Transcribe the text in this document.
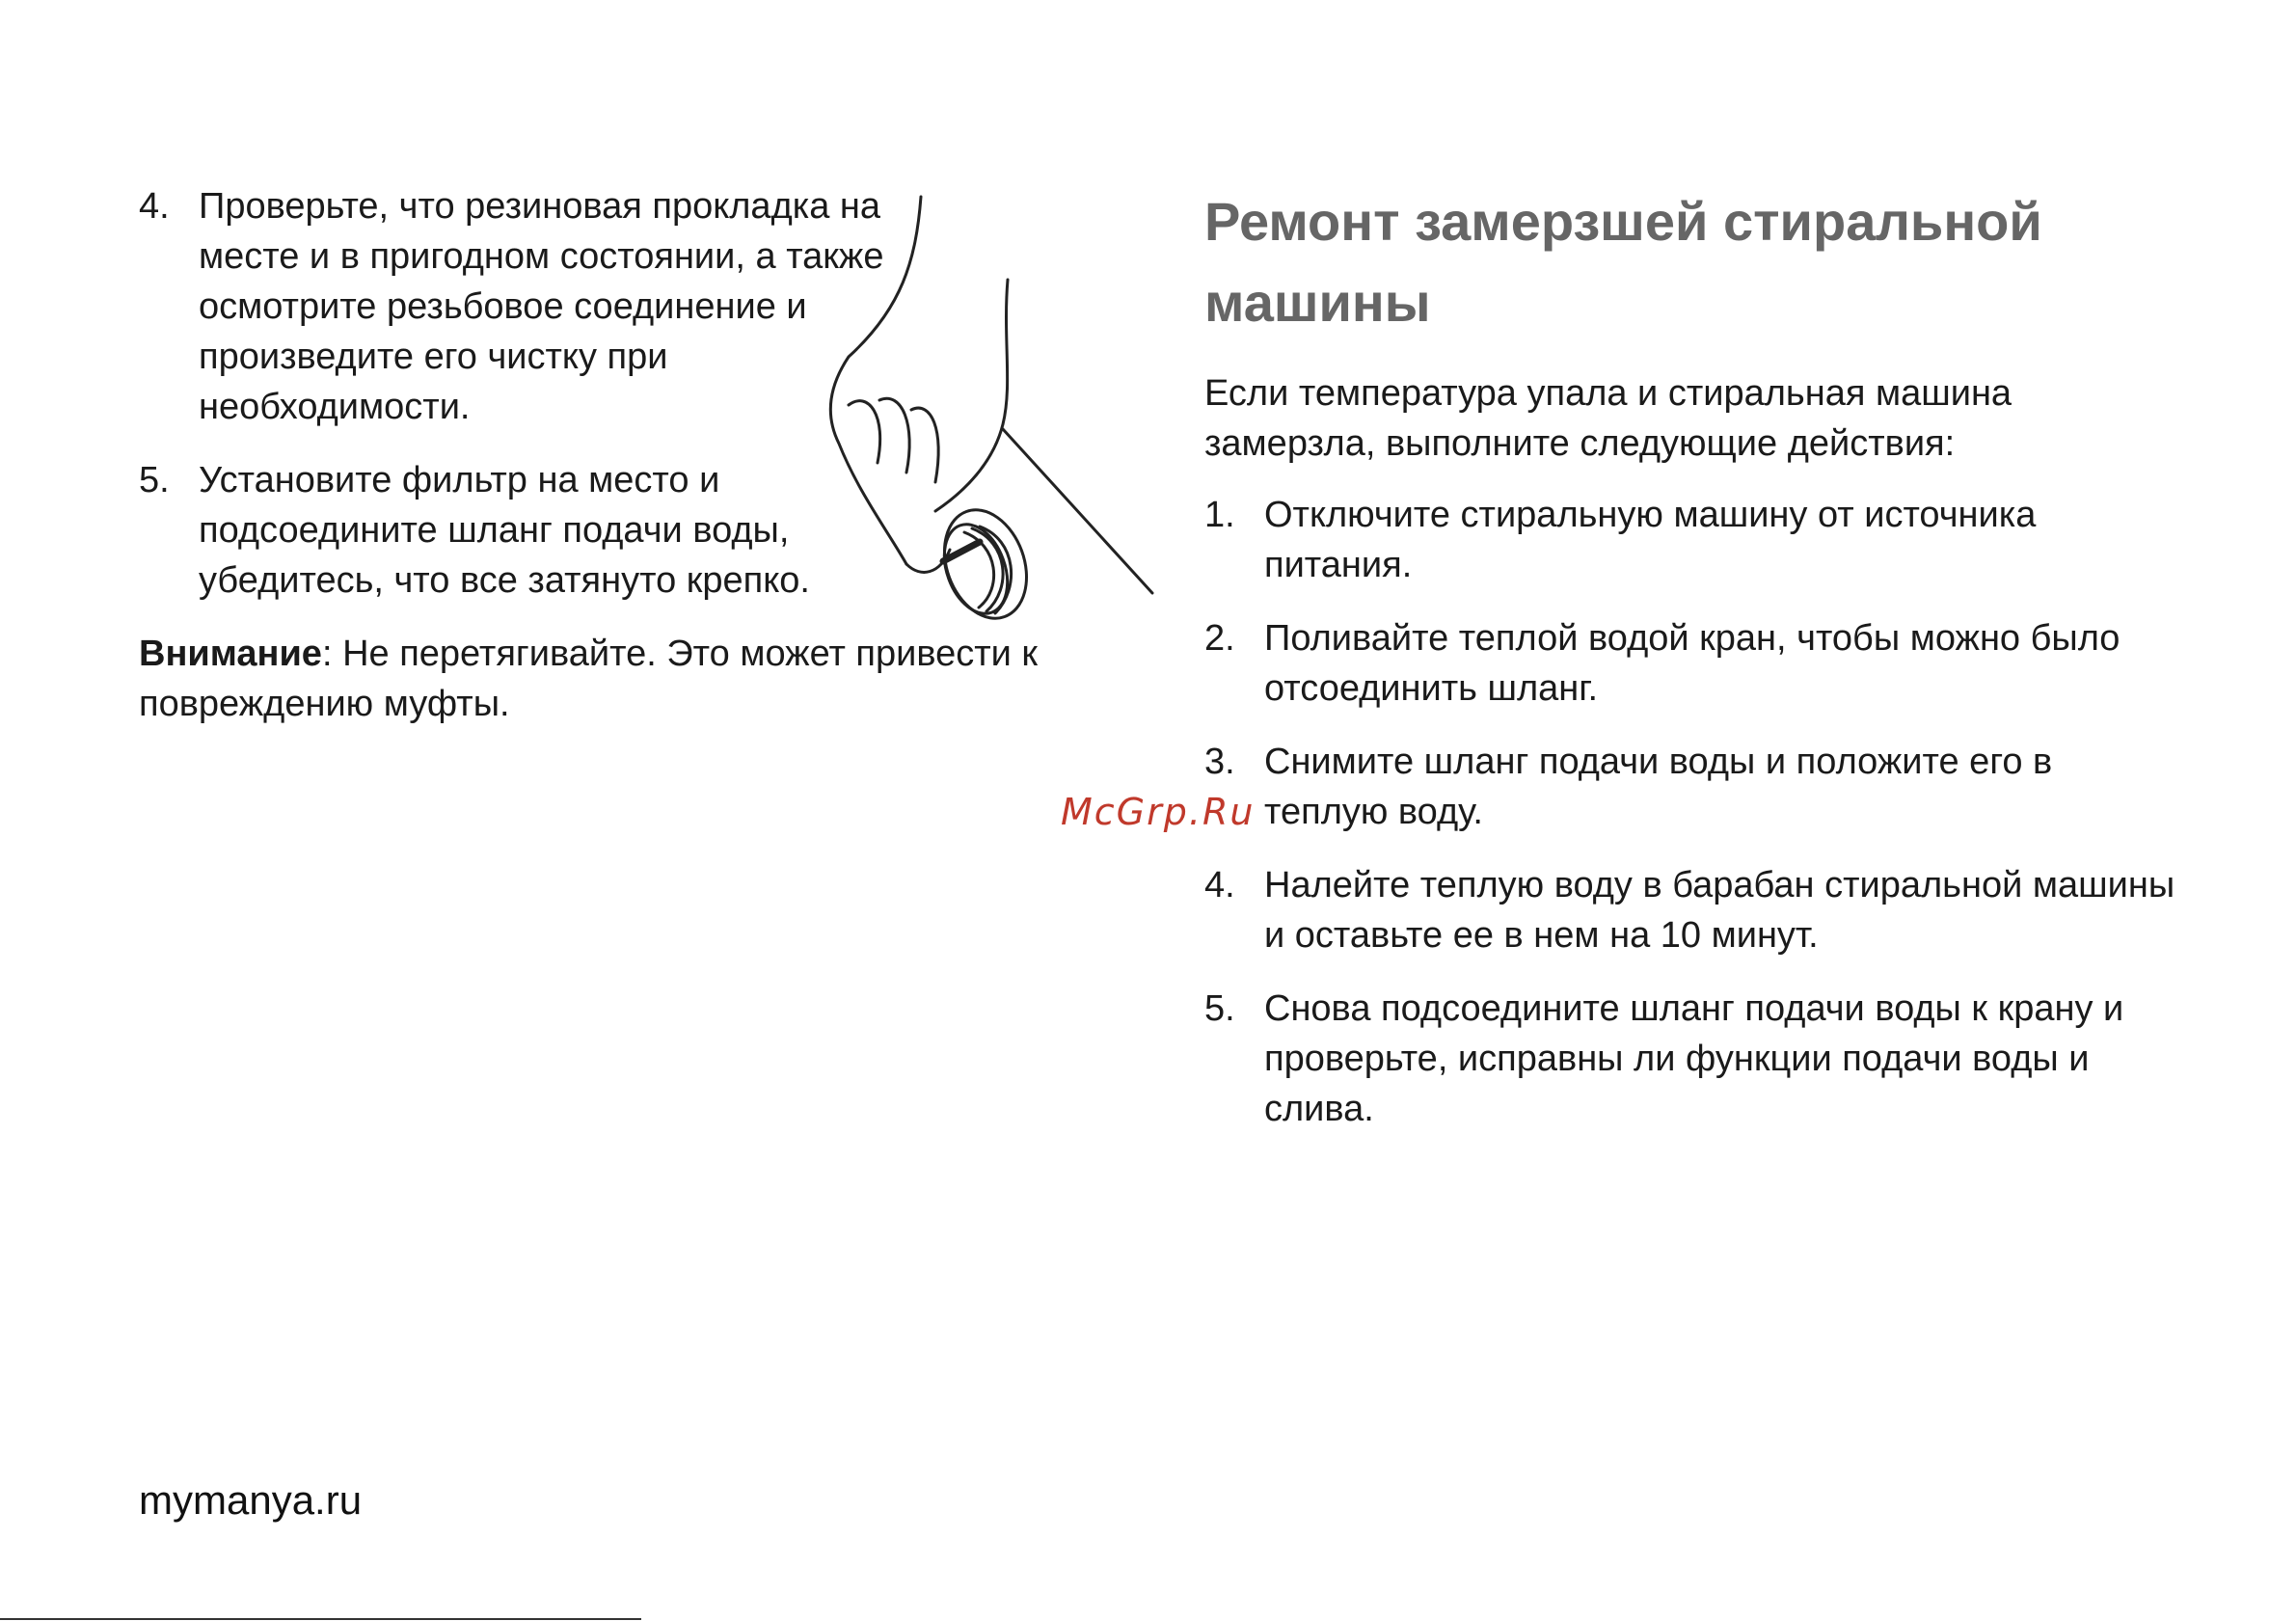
4. Проверьте, что резиновая прокладка на месте и в пригодном состоянии, а также осмотрите резьбовое соединение и произведите его чистку при необходимости.
5. Установите фильтр на место и подсоедините шланг подачи воды, убедитесь, что все затянуто крепко.
Внимание: Не перетягивайте. Это может привести к повреждению муфты.
Ремонт замерзшей стиральной машины
Если температура упала и стиральная машина замерзла, выполните следующие действия:
1. Отключите стиральную машину от источника питания.
2. Поливайте теплой водой кран, чтобы можно было отсоединить шланг.
3. Снимите шланг подачи воды и положите его в теплую воду.
4. Налейте теплую воду в барабан стиральной машины и оставьте ее в нем на 10 минут.
5. Снова подсоедините шланг подачи воды к крану и проверьте, исправны ли функции подачи воды и слива.
McGrp.Ru
mymanya.ru
